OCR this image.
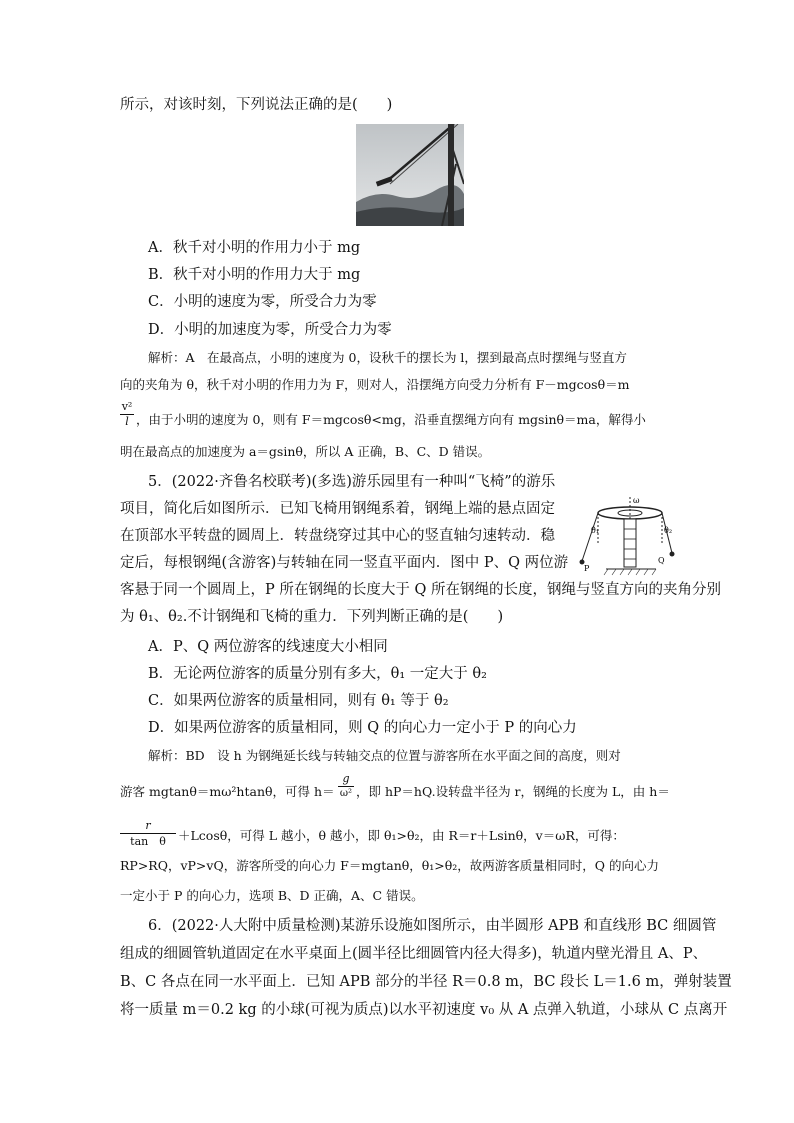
所示，对该时刻，下列说法正确的是(　　)
A．秋千对小明的作用力小于 mg
B．秋千对小明的作用力大于 mg
C．小明的速度为零，所受合力为零
D．小明的加速度为零，所受合力为零
解析：A　在最高点，小明的速度为 0，设秋千的摆长为 l，摆到最高点时摆绳与竖直方
向的夹角为 θ，秋千对小明的作用力为 F，则对人，沿摆绳方向受力分析有 F－mgcosθ＝m
$\frac{\text{v²}}{l}$ ，由于小明的速度为 0，则有 F＝mgcosθ<mg，沿垂直摆绳方向有 mgsinθ＝ma，解得小
明在最高点的加速度为 a＝gsinθ，所以 A 正确，B、C、D 错误。
5．(2022·齐鲁名校联考)(多选)游乐园里有一种叫“飞椅”的游乐
项目，简化后如图所示．已知飞椅用钢绳系着，钢绳上端的悬点固定
在顶部水平转盘的圆周上．转盘绕穿过其中心的竖直轴匀速转动．稳
定后，每根钢绳(含游客)与转轴在同一竖直平面内．图中 P、Q 两位游
客悬于同一个圆周上，P 所在钢绳的长度大于 Q 所在钢绳的长度，钢绳与竖直方向的夹角分别
为 θ₁、θ₂.不计钢绳和飞椅的重力．下列判断正确的是(　　)
ω
θ₁	θ₂
P
Q
A．P、Q 两位游客的线速度大小相同
B．无论两位游客的质量分别有多大，θ₁ 一定大于 θ₂
C．如果两位游客的质量相同，则有 θ₁ 等于 θ₂
D．如果两位游客的质量相同，则 Q 的向心力一定小于 P 的向心力
解析：BD　设 h 为钢绳延长线与转轴交点的位置与游客所在水平面之间的高度，则对
游客 mgtanθ＝mω²htanθ，可得 $h= \frac{g}{\text{ω²}}$ ，即 hP＝hQ.设转盘半径为 r，钢绳的长度为 L，由 h＝
$\frac{r}{\text{tan　θ}} +Lcos\theta$，可得 L 越小，θ 越小，即 θ₁>θ₂，由 R＝r＋Lsinθ，v＝ωR，可得：
RP>RQ，vP>vQ，游客所受的向心力 F＝mgtanθ，θ₁>θ₂，故两游客质量相同时，Q 的向心力
一定小于 P 的向心力，选项 B、D 正确，A、C 错误。
6．(2022·人大附中质量检测)某游乐设施如图所示，由半圆形 APB 和直线形 BC 细圆管
组成的细圆管轨道固定在水平桌面上(圆半径比细圆管内径大得多)，轨道内壁光滑且 A、P、
B、C 各点在同一水平面上．已知 APB 部分的半径 R＝0.8 m，BC 段长 L＝1.6 m，弹射装置
将一质量 m＝0.2 kg 的小球(可视为质点)以水平初速度 v₀ 从 A 点弹入轨道，小球从 C 点离开
